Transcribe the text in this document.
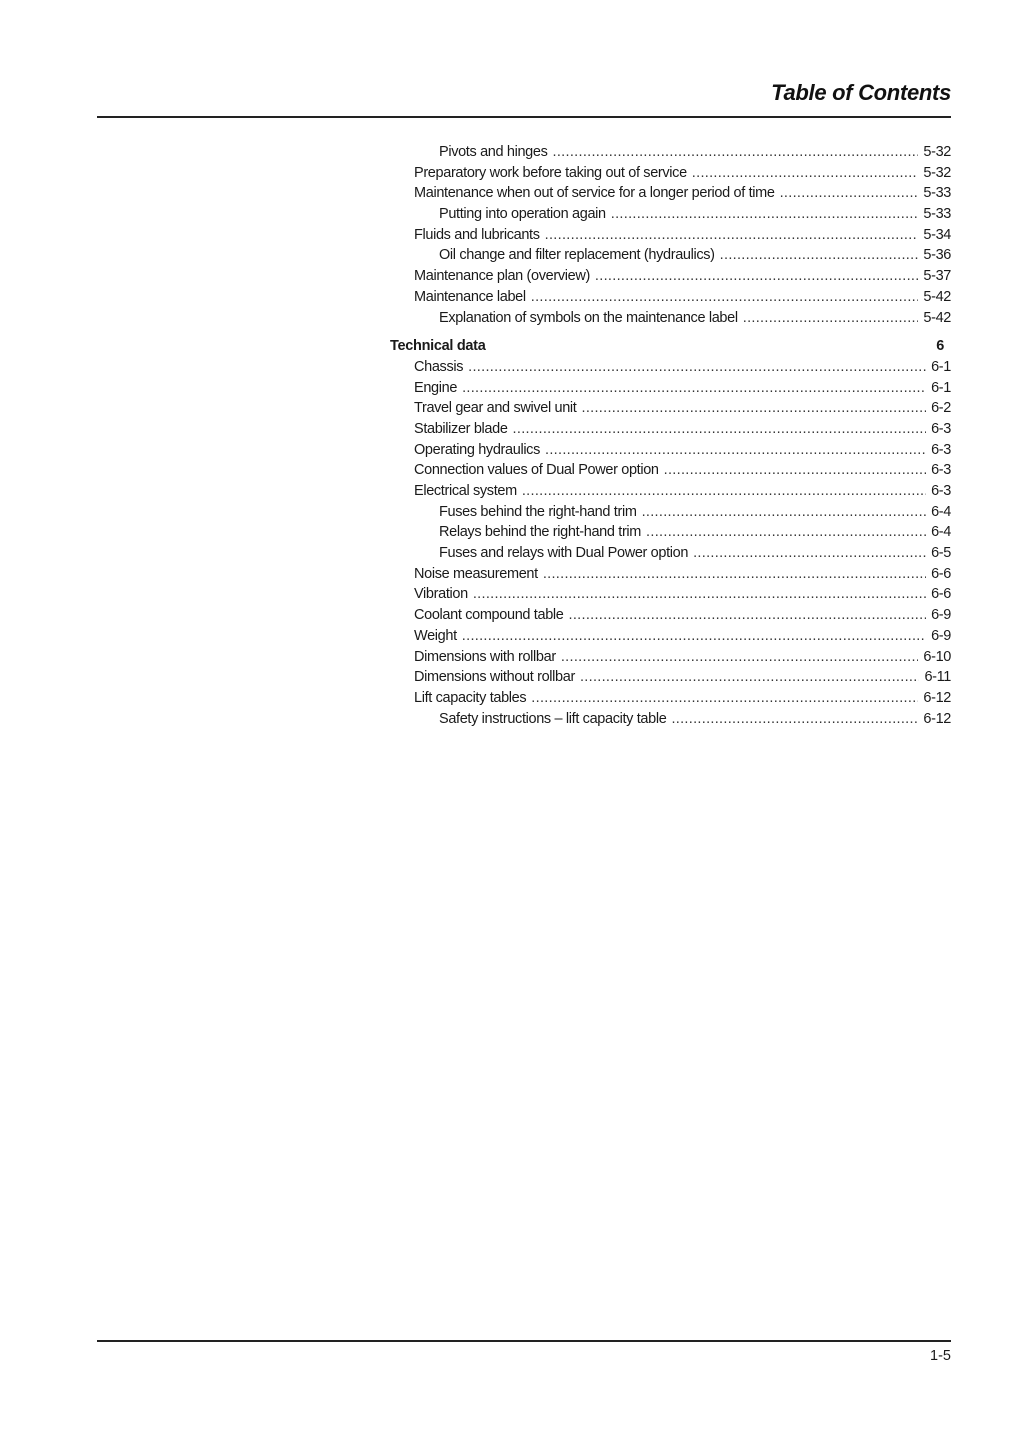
Table of Contents
Pivots and hinges .....	5-32
Preparatory work before taking out of service .....	5-32
Maintenance when out of service for a longer period of time .....	5-33
Putting into operation again .....	5-33
Fluids and lubricants .....	5-34
Oil change and filter replacement (hydraulics) .....	5-36
Maintenance plan (overview) .....	5-37
Maintenance label .....	5-42
Explanation of symbols on the maintenance label .....	5-42
Technical data	6
Chassis .....	6-1
Engine .....	6-1
Travel gear and swivel unit .....	6-2
Stabilizer blade .....	6-3
Operating hydraulics .....	6-3
Connection values of Dual Power option .....	6-3
Electrical system .....	6-3
Fuses behind the right-hand trim .....	6-4
Relays behind the right-hand trim .....	6-4
Fuses and relays with Dual Power option .....	6-5
Noise measurement .....	6-6
Vibration .....	6-6
Coolant compound table .....	6-9
Weight .....	6-9
Dimensions with rollbar .....	6-10
Dimensions without rollbar .....	6-11
Lift capacity tables .....	6-12
Safety instructions – lift capacity table .....	6-12
1-5
